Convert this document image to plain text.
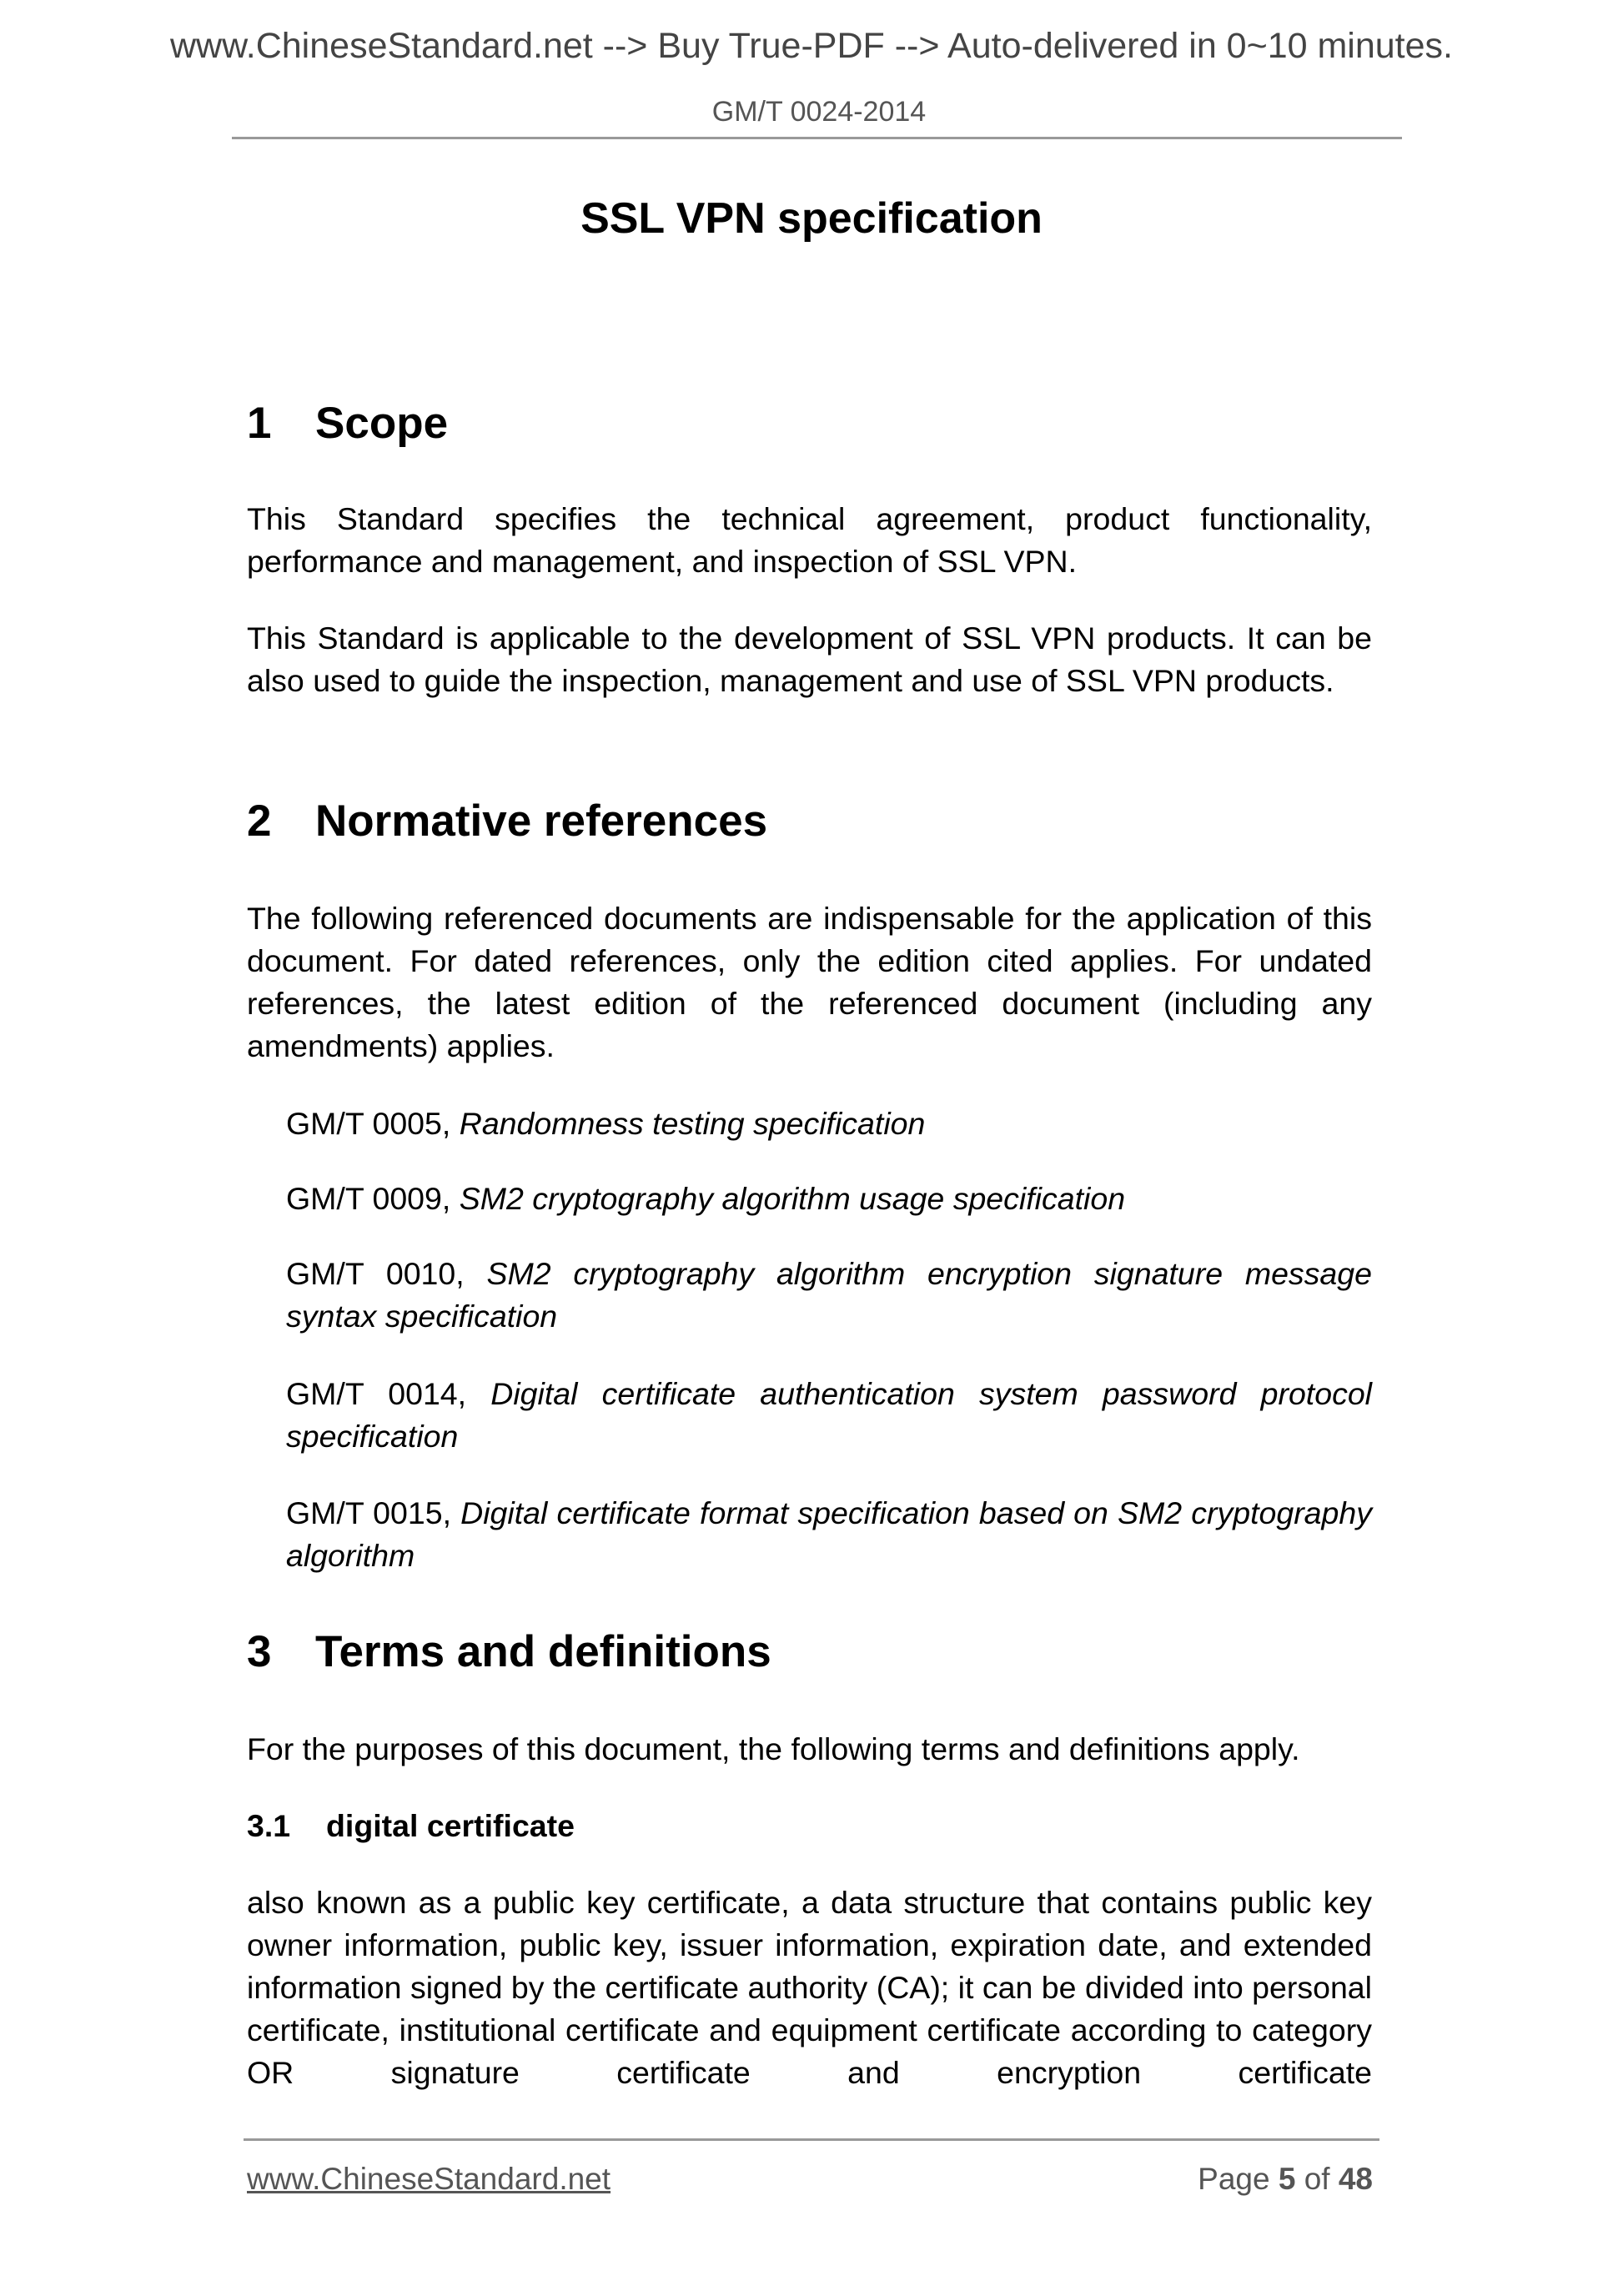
www.ChineseStandard.net --> Buy True-PDF --> Auto-delivered in 0~10 minutes.
GM/T 0024-2014
SSL VPN specification
1 Scope

This Standard specifies the technical agreement, product functionality, performance and management, and inspection of SSL VPN.

This Standard is applicable to the development of SSL VPN products. It can be also used to guide the inspection, management and use of SSL VPN products.

2 Normative references

The following referenced documents are indispensable for the application of this document. For dated references, only the edition cited applies. For undated references, the latest edition of the referenced document (including any amendments) applies.

GM/T 0005, Randomness testing specification

GM/T 0009, SM2 cryptography algorithm usage specification

GM/T 0010, SM2 cryptography algorithm encryption signature message syntax specification

GM/T 0014, Digital certificate authentication system password protocol specification

GM/T 0015, Digital certificate format specification based on SM2 cryptography algorithm

3 Terms and definitions

For the purposes of this document, the following terms and definitions apply.

3.1 digital certificate

also known as a public key certificate, a data structure that contains public key owner information, public key, issuer information, expiration date, and extended information signed by the certificate authority (CA); it can be divided into personal certificate, institutional certificate and equipment certificate according to category OR signature certificate and encryption certificate

www.ChineseStandard.net	Page 5 of 48
